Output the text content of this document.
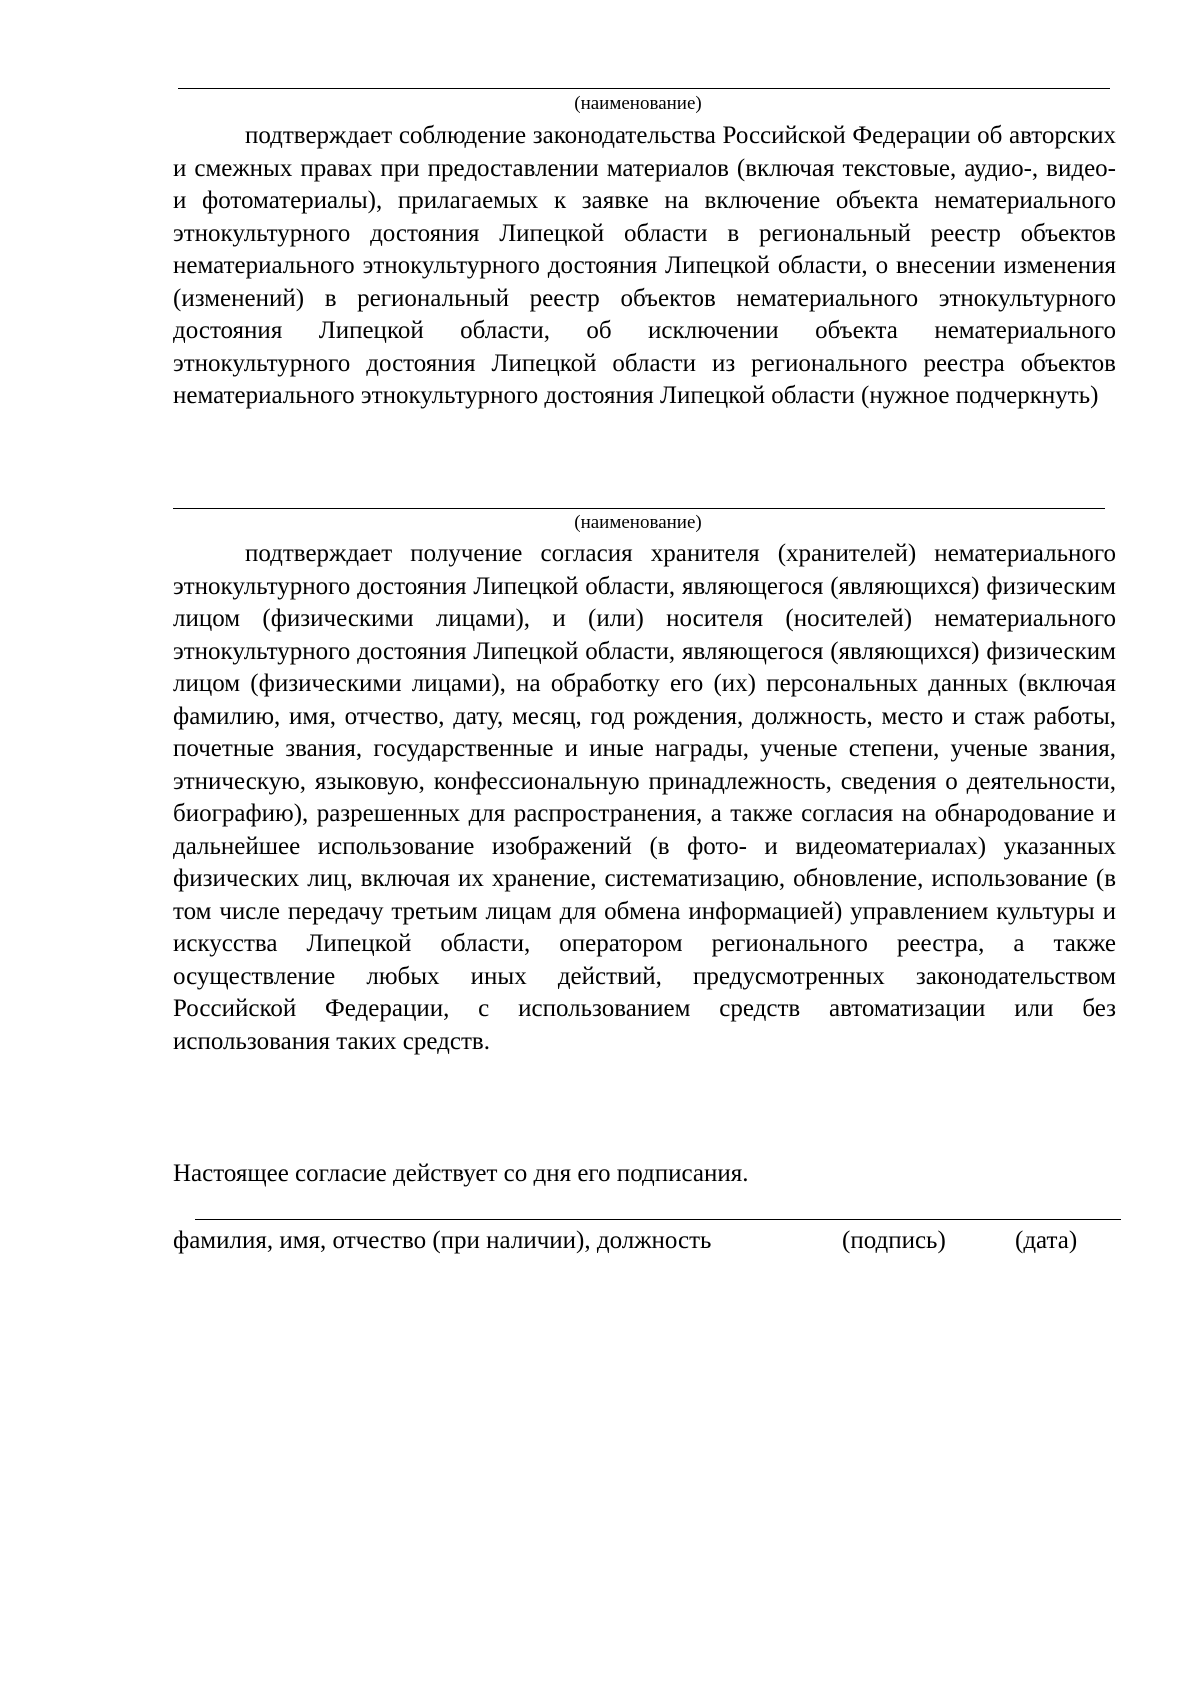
(наименование)

подтверждает соблюдение законодательства Российской Федерации об авторских и смежных правах при предоставлении материалов (включая текстовые, аудио-, видео- и фотоматериалы), прилагаемых к заявке на включение объекта нематериального этнокультурного достояния Липецкой области в региональный реестр объектов нематериального этнокультурного достояния Липецкой области, о внесении изменения (изменений) в региональный реестр объектов нематериального этнокультурного достояния Липецкой области, об исключении объекта нематериального этнокультурного достояния Липецкой области из регионального реестра объектов нематериального этнокультурного достояния Липецкой области (нужное подчеркнуть)

(наименование)

подтверждает получение согласия хранителя (хранителей) нематериального этнокультурного достояния Липецкой области, являющегося (являющихся) физическим лицом (физическими лицами), и (или) носителя (носителей) нематериального этнокультурного достояния Липецкой области, являющегося (являющихся) физическим лицом (физическими лицами), на обработку его (их) персональных данных (включая фамилию, имя, отчество, дату, месяц, год рождения, должность, место и стаж работы, почетные звания, государственные и иные награды, ученые степени, ученые звания, этническую, языковую, конфессиональную принадлежность, сведения о деятельности, биографию), разрешенных для распространения, а также согласия на обнародование и дальнейшее использование изображений (в фото- и видеоматериалах) указанных физических лиц, включая их хранение, систематизацию, обновление, использование (в том числе передачу третьим лицам для обмена информацией) управлением культуры и искусства Липецкой области, оператором регионального реестра, а также осуществление любых иных действий, предусмотренных законодательством Российской Федерации, с использованием средств автоматизации или без использования таких средств.

Настоящее согласие действует со дня его подписания.

фамилия, имя, отчество (при наличии), должность	(подпись)	(дата)
